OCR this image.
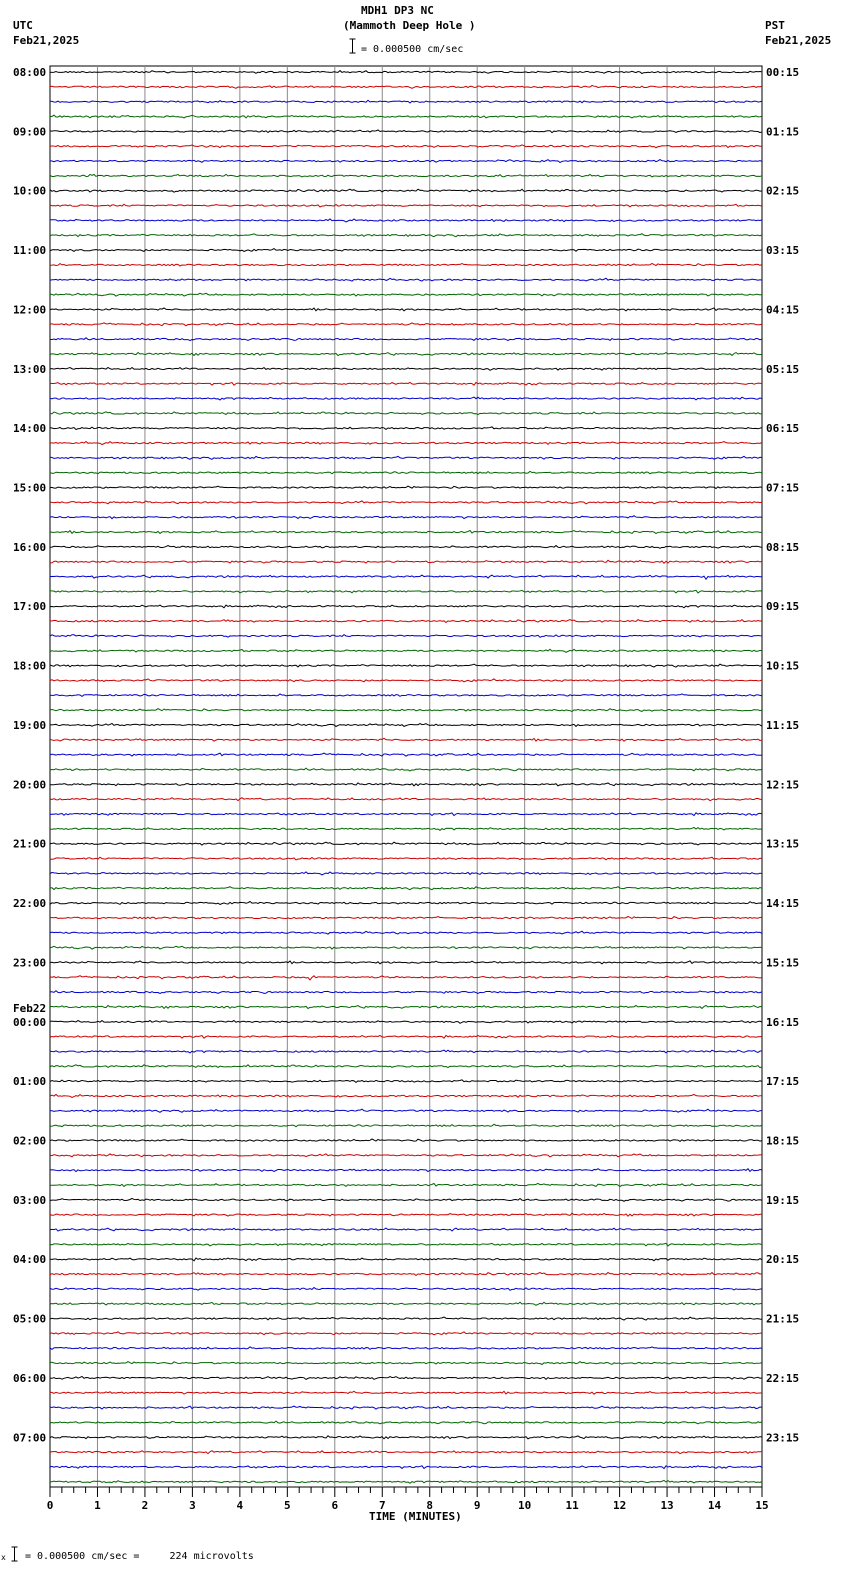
0	1	2	3	4	5	6	7	8	9	10	11	12	13	14	15
08:00
09:00
10:00
11:00
12:00
13:00
14:00
15:00
16:00
17:00
18:00
19:00
20:00
21:00
22:00
23:00
00:00
Feb22
01:00
02:00
03:00
04:00
05:00
06:00
07:00
00:15
01:15
02:15
03:15
04:15
05:15
06:15
07:15
08:15
09:15
10:15
11:15
12:15
13:15
14:15
15:15
16:15
17:15
18:15
19:15
20:15
21:15
22:15
23:15
MDH1 DP3 NC
(Mammoth Deep Hole )
= 0.000500 cm/sec
UTC
Feb21,2025
PST
Feb21,2025
TIME (MINUTES)
x = 0.000500 cm/sec =     224 microvolts
